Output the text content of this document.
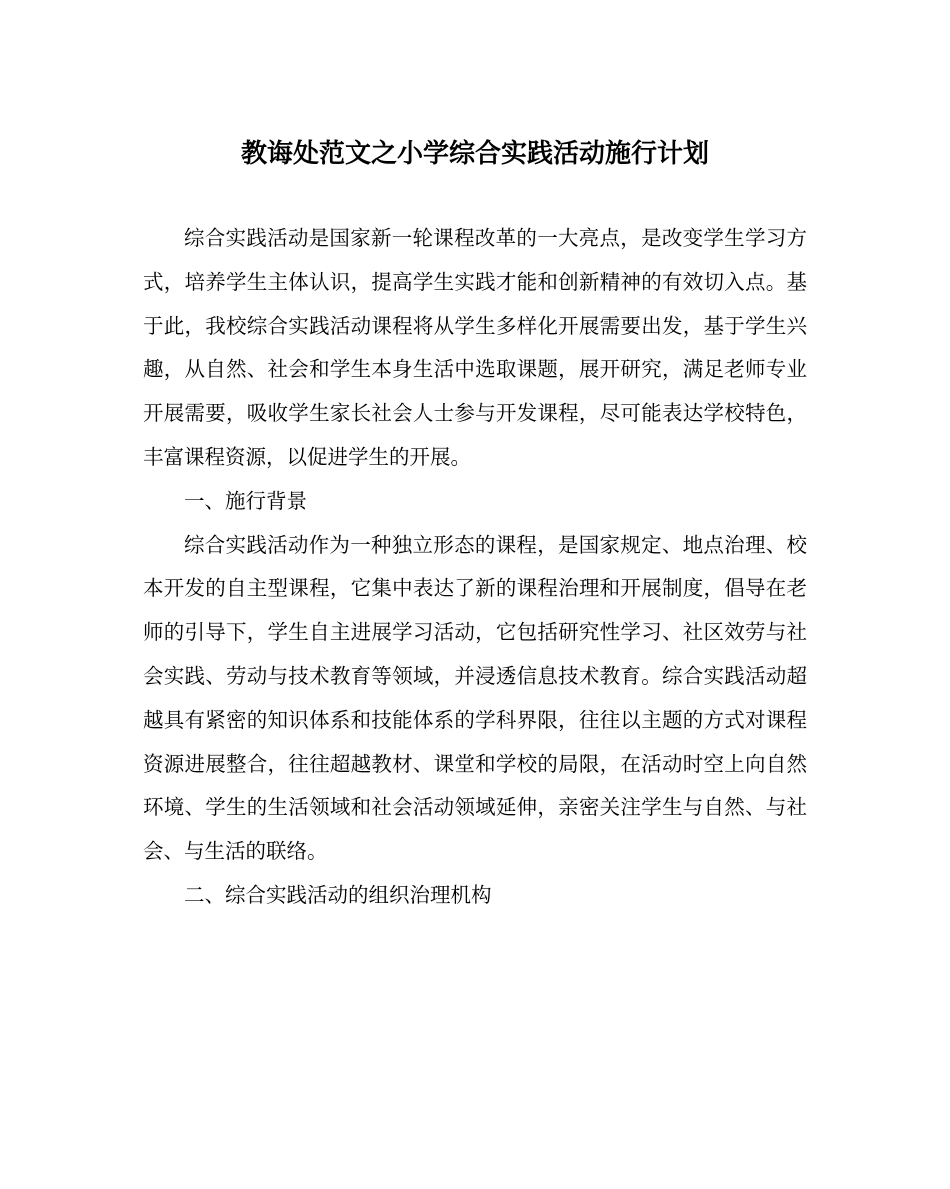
教诲处范文之小学综合实践活动施行计划

综合实践活动是国家新一轮课程改革的一大亮点，是改变学生学习方式，培养学生主体认识，提高学生实践才能和创新精神的有效切入点。基于此，我校综合实践活动课程将从学生多样化开展需要出发，基于学生兴趣，从自然、社会和学生本身生活中选取课题，展开研究，满足老师专业开展需要，吸收学生家长社会人士参与开发课程，尽可能表达学校特色，丰富课程资源，以促进学生的开展。

一、施行背景

综合实践活动作为一种独立形态的课程，是国家规定、地点治理、校本开发的自主型课程，它集中表达了新的课程治理和开展制度，倡导在老师的引导下，学生自主进展学习活动，它包括研究性学习、社区效劳与社会实践、劳动与技术教育等领域，并浸透信息技术教育。综合实践活动超越具有紧密的知识体系和技能体系的学科界限，往往以主题的方式对课程资源进展整合，往往超越教材、课堂和学校的局限，在活动时空上向自然环境、学生的生活领域和社会活动领域延伸，亲密关注学生与自然、与社会、与生活的联络。

二、综合实践活动的组织治理机构
